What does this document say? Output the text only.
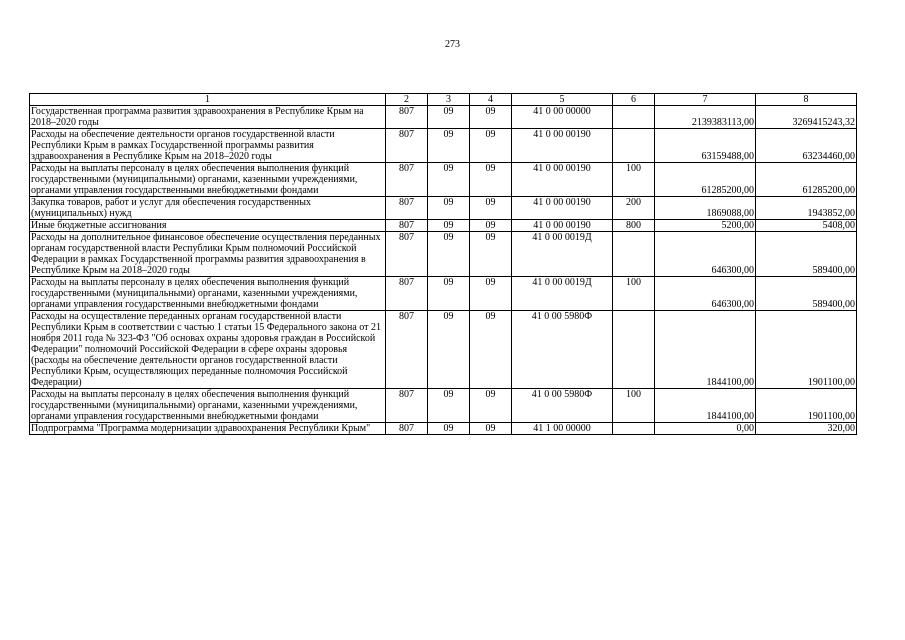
273
1	2	3	4	5	6	7	8
Государственная программа развития здравоохранения в Республике Крым на 2018–2020 годы	807	09	09	41 0 00 00000		2139383113,00	3269415243,32
Расходы на обеспечение деятельности органов государственной власти Республики Крым в рамках Государственной программы развития здравоохранения в Республике Крым на 2018–2020 годы	807	09	09	41 0 00 00190		63159488,00	63234460,00
Расходы на выплаты персоналу в целях обеспечения выполнения функций государственными (муниципальными) органами, казенными учреждениями, органами управления государственными внебюджетными фондами	807	09	09	41 0 00 00190	100	61285200,00	61285200,00
Закупка товаров, работ и услуг для обеспечения государственных (муниципальных) нужд	807	09	09	41 0 00 00190	200	1869088,00	1943852,00
Иные бюджетные ассигнования	807	09	09	41 0 00 00190	800	5200,00	5408,00
Расходы на дополнительное финансовое обеспечение осуществления переданных органам государственной власти Республики Крым полномочий Российской Федерации в рамках Государственной программы развития здравоохранения в Республике Крым на 2018–2020 годы	807	09	09	41 0 00 0019Д		646300,00	589400,00
Расходы на выплаты персоналу в целях обеспечения выполнения функций государственными (муниципальными) органами, казенными учреждениями, органами управления государственными внебюджетными фондами	807	09	09	41 0 00 0019Д	100	646300,00	589400,00
Расходы на осуществление переданных органам государственной власти Республики Крым в соответствии с частью 1 статьи 15 Федерального закона от 21 ноября 2011 года № 323-ФЗ "Об основах охраны здоровья граждан в Российской Федерации" полномочий Российской Федерации в сфере охраны здоровья (расходы на обеспечение деятельности органов государственной власти Республики Крым, осуществляющих переданные полномочия Российской Федерации)	807	09	09	41 0 00 5980Ф		1844100,00	1901100,00
Расходы на выплаты персоналу в целях обеспечения выполнения функций государственными (муниципальными) органами, казенными учреждениями, органами управления государственными внебюджетными фондами	807	09	09	41 0 00 5980Ф	100	1844100,00	1901100,00
Подпрограмма "Программа модернизации здравоохранения Республики Крым"	807	09	09	41 1 00 00000		0,00	320,00
